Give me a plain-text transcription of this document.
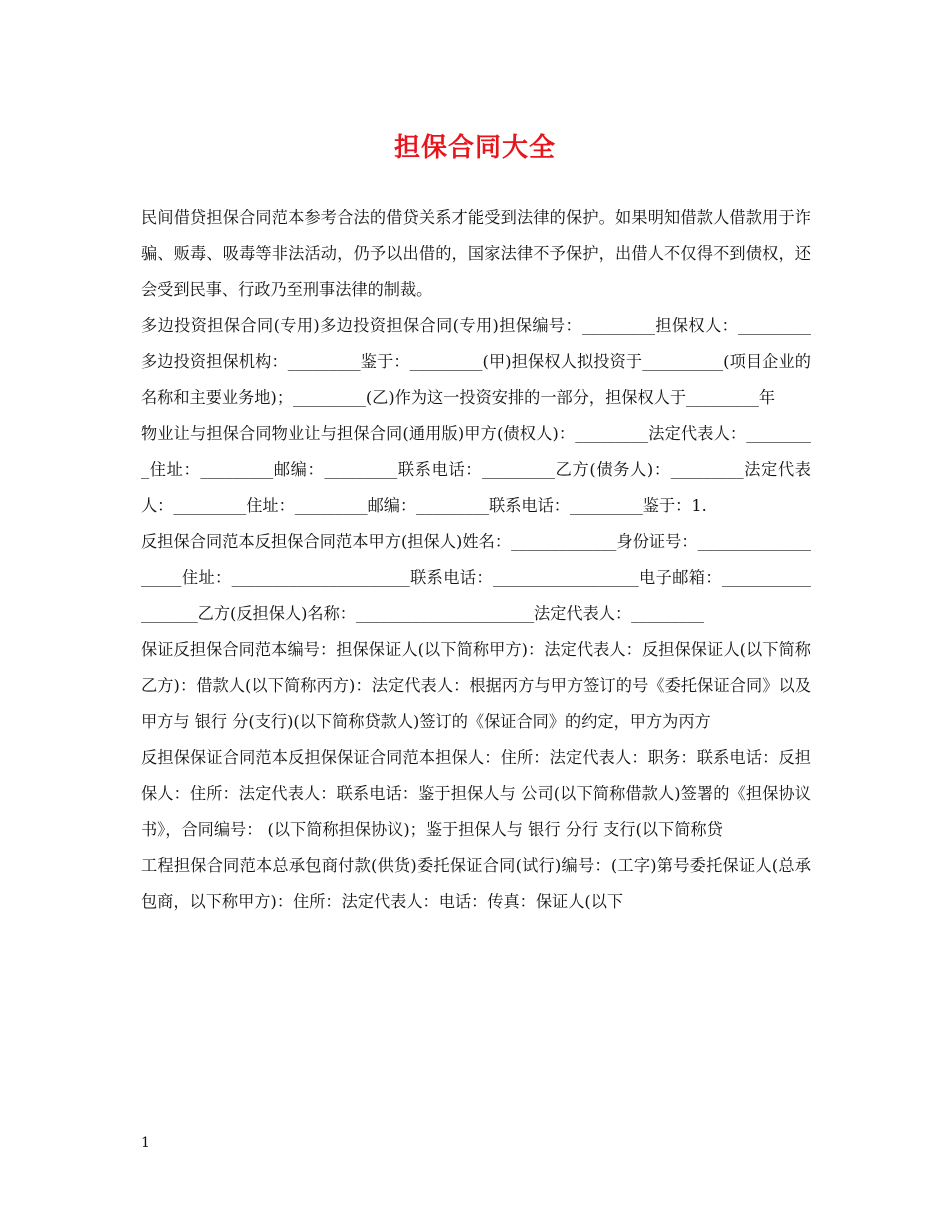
担保合同大全

民间借贷担保合同范本参考合法的借贷关系才能受到法律的保护。如果明知借款人借款用于诈骗、贩毒、吸毒等非法活动，仍予以出借的，国家法律不予保护，出借人不仅得不到债权，还会受到民事、行政乃至刑事法律的制裁。

多边投资担保合同(专用)多边投资担保合同(专用)担保编号：_________担保权人：_________多边投资担保机构：_________鉴于：_________(甲)担保权人拟投资于__________(项目企业的名称和主要业务地)；_________(乙)作为这一投资安排的一部分，担保权人于_________年

物业让与担保合同物业让与担保合同(通用版)甲方(债权人)：_________法定代表人：_________住址：_________邮编：_________联系电话：_________乙方(债务人)：_________法定代表人：_________住址：_________邮编：_________联系电话：_________鉴于：1.

反担保合同范本反担保合同范本甲方(担保人)姓名：_____________身份证号：___________________住址：______________________联系电话：__________________电子邮箱：__________________乙方(反担保人)名称：______________________法定代表人：_________

保证反担保合同范本编号：担保保证人(以下简称甲方)：法定代表人：反担保保证人(以下简称乙方)：借款人(以下简称丙方)：法定代表人：根据丙方与甲方签订的号《委托保证合同》以及甲方与 银行 分(支行)(以下简称贷款人)签订的《保证合同》的约定，甲方为丙方

反担保保证合同范本反担保保证合同范本担保人：住所：法定代表人：职务：联系电话：反担保人：住所：法定代表人：联系电话：鉴于担保人与 公司(以下简称借款人)签署的《担保协议书》，合同编号： (以下简称担保协议)；鉴于担保人与 银行 分行 支行(以下简称贷

工程担保合同范本总承包商付款(供货)委托保证合同(试行)编号：(工字)第号委托保证人(总承包商，以下称甲方)：住所：法定代表人：电话：传真：保证人(以下

1
